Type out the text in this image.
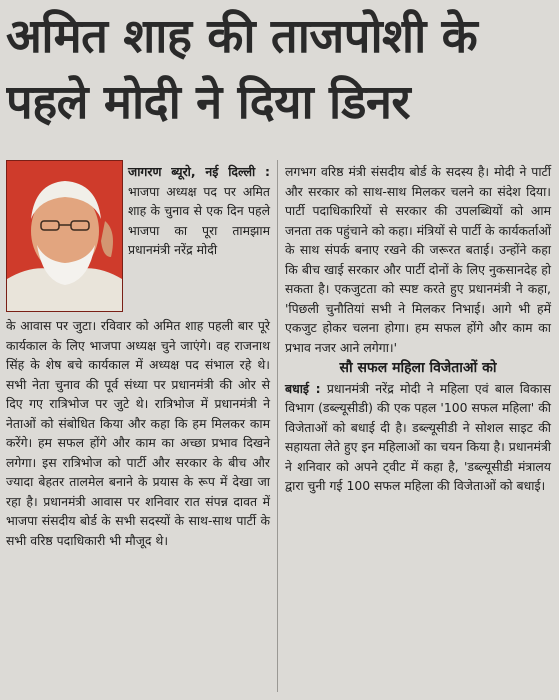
अमित शाह की ताजपोशी के
पहले मोदी ने दिया डिनर

जागरण ब्यूरो, नई दिल्ली : भाजपा अध्यक्ष पद पर अमित शाह के चुनाव से एक दिन पहले भाजपा का पूरा तामझाम प्रधानमंत्री नरेंद्र मोदी

के आवास पर जुटा। रविवार को अमित शाह पहली बार पूरे कार्यकाल के लिए भाजपा अध्यक्ष चुने जाएंगे। वह राजनाथ सिंह के शेष बचे कार्यकाल में अध्यक्ष पद संभाल रहे थे। सभी नेता चुनाव की पूर्व संध्या पर प्रधानमंत्री की ओर से दिए गए रात्रिभोज पर जुटे थे। रात्रिभोज में प्रधानमंत्री ने नेताओं को संबोधित किया और कहा कि हम मिलकर काम करेंगे। हम सफल होंगे और काम का अच्छा प्रभाव दिखने लगेगा। इस रात्रिभोज को पार्टी और सरकार के बीच और ज्यादा बेहतर तालमेल बनाने के प्रयास के रूप में देखा जा रहा है। प्रधानमंत्री आवास पर शनिवार रात संपन्न दावत में भाजपा संसदीय बोर्ड के सभी सदस्यों के साथ-साथ पार्टी के सभी वरिष्ठ पदाधिकारी भी मौजूद थे।

लगभग वरिष्ठ मंत्री संसदीय बोर्ड के सदस्य है। मोदी ने पार्टी और सरकार को साथ-साथ मिलकर चलने का संदेश दिया। पार्टी पदाधिकारियों से सरकार की उपलब्धियों को आम जनता तक पहुंचाने को कहा। मंत्रियों से पार्टी के कार्यकर्ताओं के साथ संपर्क बनाए रखने की जरूरत बताई। उन्होंने कहा कि बीच खाई सरकार और पार्टी दोनों के लिए नुकसानदेह हो सकता है। एकजुटता को स्पष्ट करते हुए प्रधानमंत्री ने कहा, 'पिछली चुनौतियां सभी ने मिलकर निभाई। आगे भी हमें एकजुट होकर चलना होगा। हम सफल होंगे और काम का प्रभाव नजर आने लगेगा।'

सौ सफल महिला विजेताओं को

बधाई : प्रधानमंत्री नरेंद्र मोदी ने महिला एवं बाल विकास विभाग (डब्ल्यूसीडी) की एक पहल '100 सफल महिला' की विजेताओं को बधाई दी है। डब्ल्यूसीडी ने सोशल साइट की सहायता लेते हुए इन महिलाओं का चयन किया है। प्रधानमंत्री ने शनिवार को अपने ट्वीट में कहा है, 'डब्ल्यूसीडी मंत्रालय द्वारा चुनी गई 100 सफल महिला की विजेताओं को बधाई।
